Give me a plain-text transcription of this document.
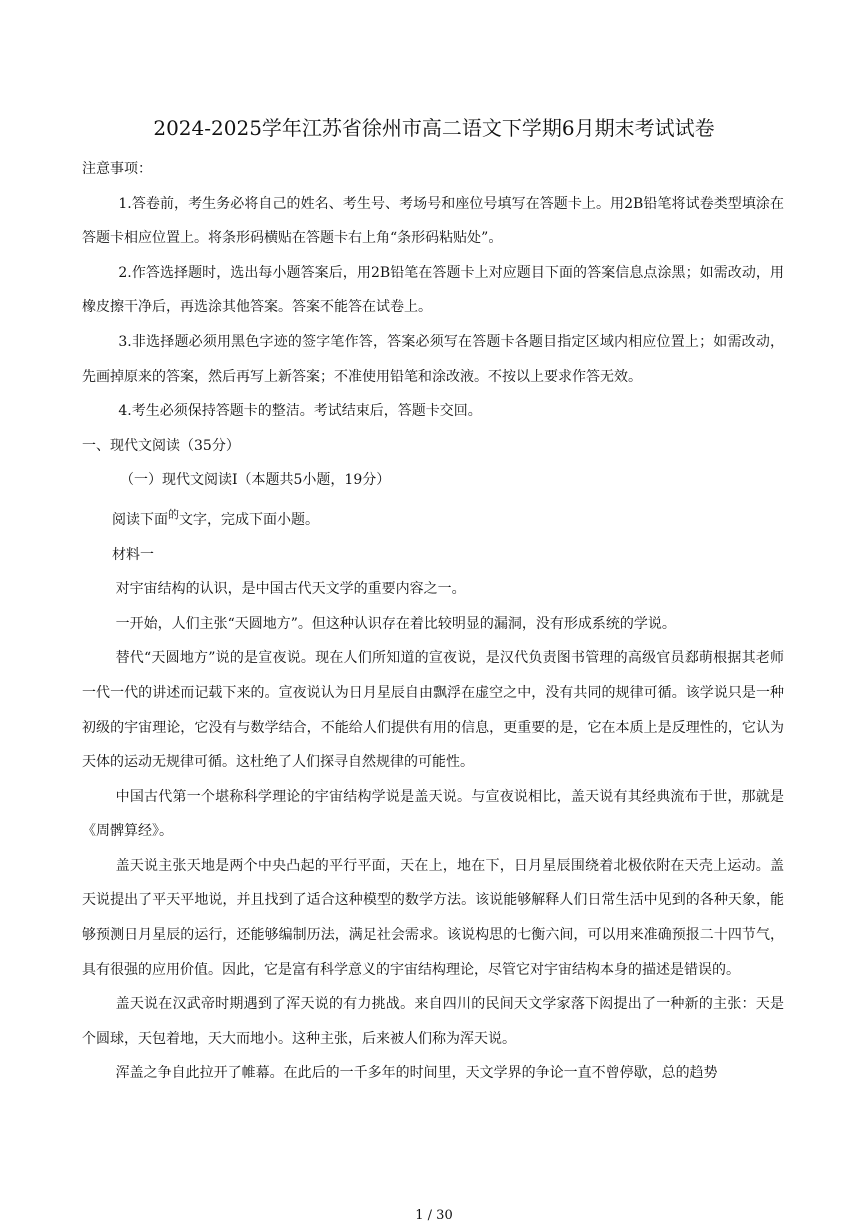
2024-2025学年江苏省徐州市高二语文下学期6月期末考试试卷

注意事项：

1.答卷前，考生务必将自己的姓名、考生号、考场号和座位号填写在答题卡上。用2B铅笔将试卷类型填涂在答题卡相应位置上。将条形码横贴在答题卡右上角“条形码粘贴处”。

2.作答选择题时，选出每小题答案后，用2B铅笔在答题卡上对应题目下面的答案信息点涂黑；如需改动，用橡皮擦干净后，再选涂其他答案。答案不能答在试卷上。

3.非选择题必须用黑色字迹的签字笔作答，答案必须写在答题卡各题目指定区域内相应位置上；如需改动，先画掉原来的答案，然后再写上新答案；不准使用铅笔和涂改液。不按以上要求作答无效。

4.考生必须保持答题卡的整洁。考试结束后，答题卡交回。

一、现代文阅读（35分）

（一）现代文阅读Ⅰ（本题共5小题，19分）

阅读下面$^的$文字，完成下面小题。

材料一

对宇宙结构的认识，是中国古代天文学的重要内容之一。

一开始，人们主张“天圆地方”。但这种认识存在着比较明显的漏洞，没有形成系统的学说。

替代“天圆地方”说的是宣夜说。现在人们所知道的宣夜说，是汉代负责图书管理的高级官员郄萌根据其老师一代一代的讲述而记载下来的。宣夜说认为日月星辰自由飘浮在虚空之中，没有共同的规律可循。该学说只是一种初级的宇宙理论，它没有与数学结合，不能给人们提供有用的信息，更重要的是，它在本质上是反理性的，它认为天体的运动无规律可循。这杜绝了人们探寻自然规律的可能性。

中国古代第一个堪称科学理论的宇宙结构学说是盖天说。与宣夜说相比，盖天说有其经典流布于世，那就是《周髀算经》。

盖天说主张天地是两个中央凸起的平行平面，天在上，地在下，日月星辰围绕着北极依附在天壳上运动。盖天说提出了平天平地说，并且找到了适合这种模型的数学方法。该说能够解释人们日常生活中见到的各种天象，能够预测日月星辰的运行，还能够编制历法，满足社会需求。该说构思的七衡六间，可以用来准确预报二十四节气，具有很强的应用价值。因此，它是富有科学意义的宇宙结构理论，尽管它对宇宙结构本身的描述是错误的。

盖天说在汉武帝时期遇到了浑天说的有力挑战。来自四川的民间天文学家落下闳提出了一种新的主张：天是个圆球，天包着地，天大而地小。这种主张，后来被人们称为浑天说。

浑盖之争自此拉开了帷幕。在此后的一千多年的时间里，天文学界的争论一直不曾停歇，总的趋势

1 / 30
